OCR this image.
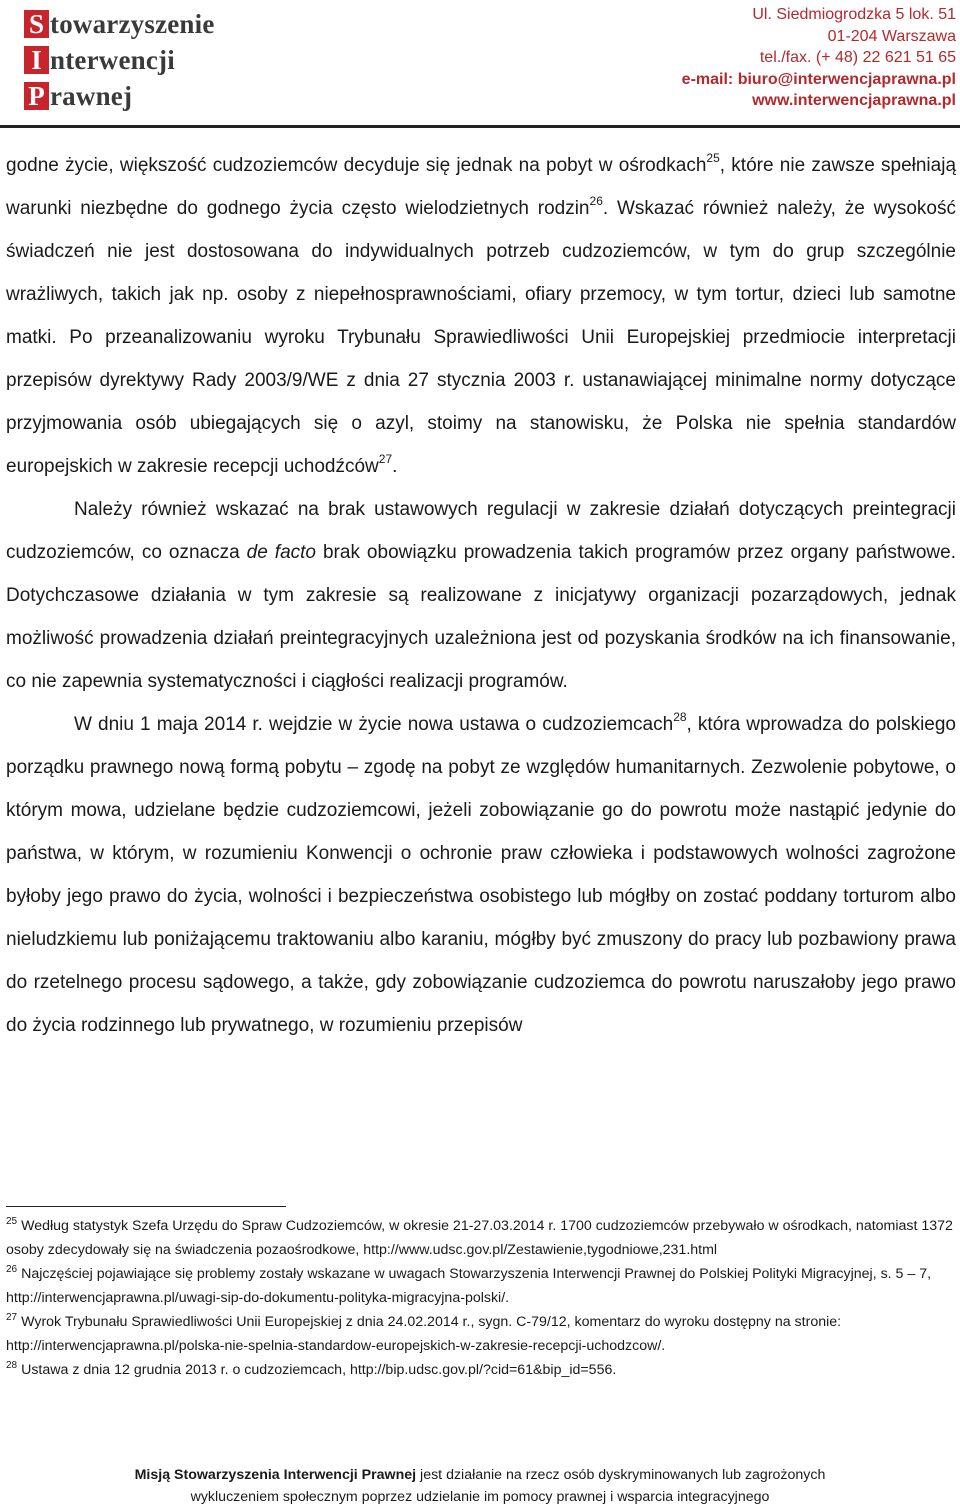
S towarzyszenie
I nterwencji
P rawnej
Ul. Siedmiogrodzka 5 lok. 51
01-204 Warszawa
tel./fax. (+ 48) 22 621 51 65
e-mail: biuro@interwencjaprawna.pl
www.interwencjaprawna.pl

godne życie, większość cudzoziemców decyduje się jednak na pobyt w ośrodkach$^{25}$, które nie zawsze spełniają warunki niezbędne do godnego życia często wielodzietnych rodzin$^{26}$. Wskazać również należy, że wysokość świadczeń nie jest dostosowana do indywidualnych potrzeb cudzoziemców, w tym do grup szczególnie wrażliwych, takich jak np. osoby z niepełnosprawnościami, ofiary przemocy, w tym tortur, dzieci lub samotne matki. Po przeanalizowaniu wyroku Trybunału Sprawiedliwości Unii Europejskiej przedmiocie interpretacji przepisów dyrektywy Rady 2003/9/WE z dnia 27 stycznia 2003 r. ustanawiającej minimalne normy dotyczące przyjmowania osób ubiegających się o azyl, stoimy na stanowisku, że Polska nie spełnia standardów europejskich w zakresie recepcji uchodźców$^{27}$.

Należy również wskazać na brak ustawowych regulacji w zakresie działań dotyczących preintegracji cudzoziemców, co oznacza de facto brak obowiązku prowadzenia takich programów przez organy państwowe. Dotychczasowe działania w tym zakresie są realizowane z inicjatywy organizacji pozarządowych, jednak możliwość prowadzenia działań preintegracyjnych uzależniona jest od pozyskania środków na ich finansowanie, co nie zapewnia systematyczności i ciągłości realizacji programów.

W dniu 1 maja 2014 r. wejdzie w życie nowa ustawa o cudzoziemcach$^{28}$, która wprowadza do polskiego porządku prawnego nową formą pobytu – zgodę na pobyt ze względów humanitarnych. Zezwolenie pobytowe, o którym mowa, udzielane będzie cudzoziemcowi, jeżeli zobowiązanie go do powrotu może nastąpić jedynie do państwa, w którym, w rozumieniu Konwencji o ochronie praw człowieka i podstawowych wolności zagrożone byłoby jego prawo do życia, wolności i bezpieczeństwa osobistego lub mógłby on zostać poddany torturom albo nieludzkiemu lub poniżającemu traktowaniu albo karaniu, mógłby być zmuszony do pracy lub pozbawiony prawa do rzetelnego procesu sądowego, a także, gdy zobowiązanie cudzoziemca do powrotu naruszałoby jego prawo do życia rodzinnego lub prywatnego, w rozumieniu przepisów

$^{25}$ Według statystyk Szefa Urzędu do Spraw Cudzoziemców, w okresie 21-27.03.2014 r. 1700 cudzoziemców przebywało w ośrodkach, natomiast 1372 osoby zdecydowały się na świadczenia pozaośrodkowe, http://www.udsc.gov.pl/Zestawienie,tygodniowe,231.html

$^{26}$ Najczęściej pojawiające się problemy zostały wskazane w uwagach Stowarzyszenia Interwencji Prawnej do Polskiej Polityki Migracyjnej, s. 5 – 7, http://interwencjaprawna.pl/uwagi-sip-do-dokumentu-polityka-migracyjna-polski/.

$^{27}$ Wyrok Trybunału Sprawiedliwości Unii Europejskiej z dnia 24.02.2014 r., sygn. C-79/12, komentarz do wyroku dostępny na stronie: http://interwencjaprawna.pl/polska-nie-spelnia-standardow-europejskich-w-zakresie-recepcji-uchodzcow/.

$^{28}$ Ustawa z dnia 12 grudnia 2013 r. o cudzoziemcach, http://bip.udsc.gov.pl/?cid=61&bip_id=556.

Misją Stowarzyszenia Interwencji Prawnej jest działanie na rzecz osób dyskryminowanych lub zagrożonych
wykluczeniem społecznym poprzez udzielanie im pomocy prawnej i wsparcia integracyjnego
